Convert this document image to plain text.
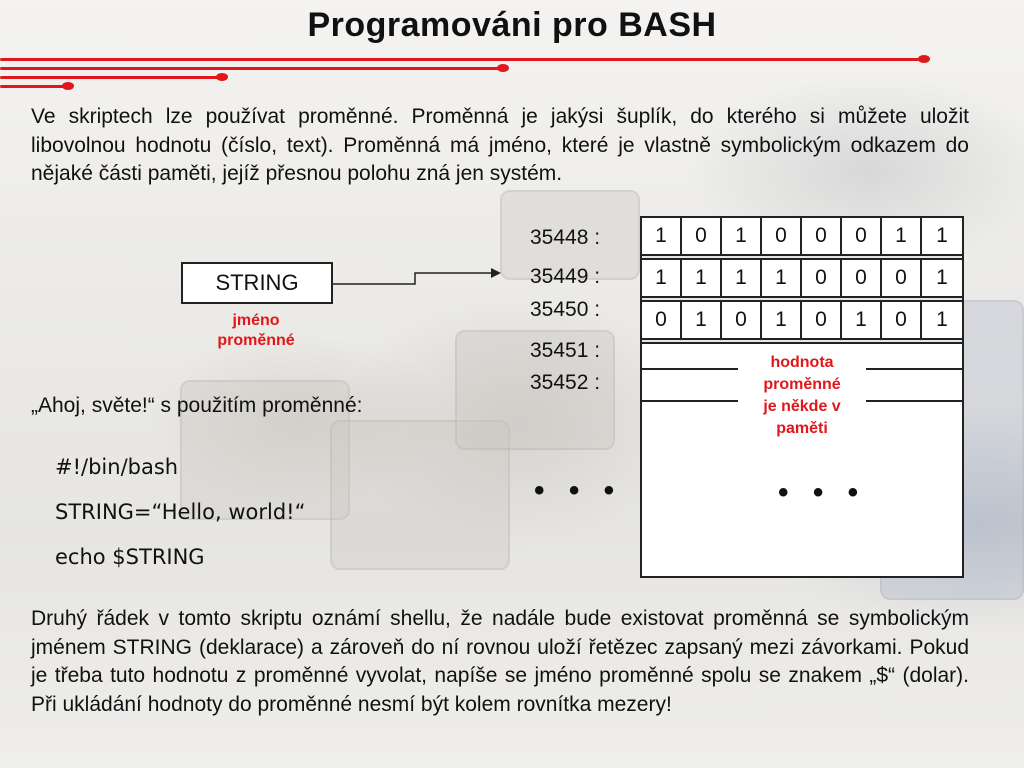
Programováni pro BASH
Ve skriptech lze používat proměnné. Proměnná je jakýsi šuplík, do kterého si můžete uložit libovolnou hodnotu (číslo, text). Proměnná má jméno, které je vlastně symbolickým odkazem do nějaké části paměti, jejíž přesnou polohu zná jen systém.
STRING
jméno
proměnné
35448 :
35449 :
35450 :
35451 :
35452 :
1	0	1	0	0	0	1	1
1	1	1	1	0	0	0	1
0	1	0	1	0	1	0	1
hodnota
proměnné
je někde v
paměti
• • •
• • •
„Ahoj, světe!“ s použitím proměnné:
#!/bin/bash
STRING=“Hello, world!“
echo $STRING
Druhý řádek v tomto skriptu oznámí shellu, že nadále bude existovat proměnná se symbolickým jménem STRING (deklarace) a zároveň do ní rovnou uloží řetězec zapsaný mezi závorkami. Pokud je třeba tuto hodnotu z proměnné vyvolat, napíše se jméno proměnné spolu se znakem „$“ (dolar). Při ukládání hodnoty do proměnné nesmí být kolem rovnítka mezery!
